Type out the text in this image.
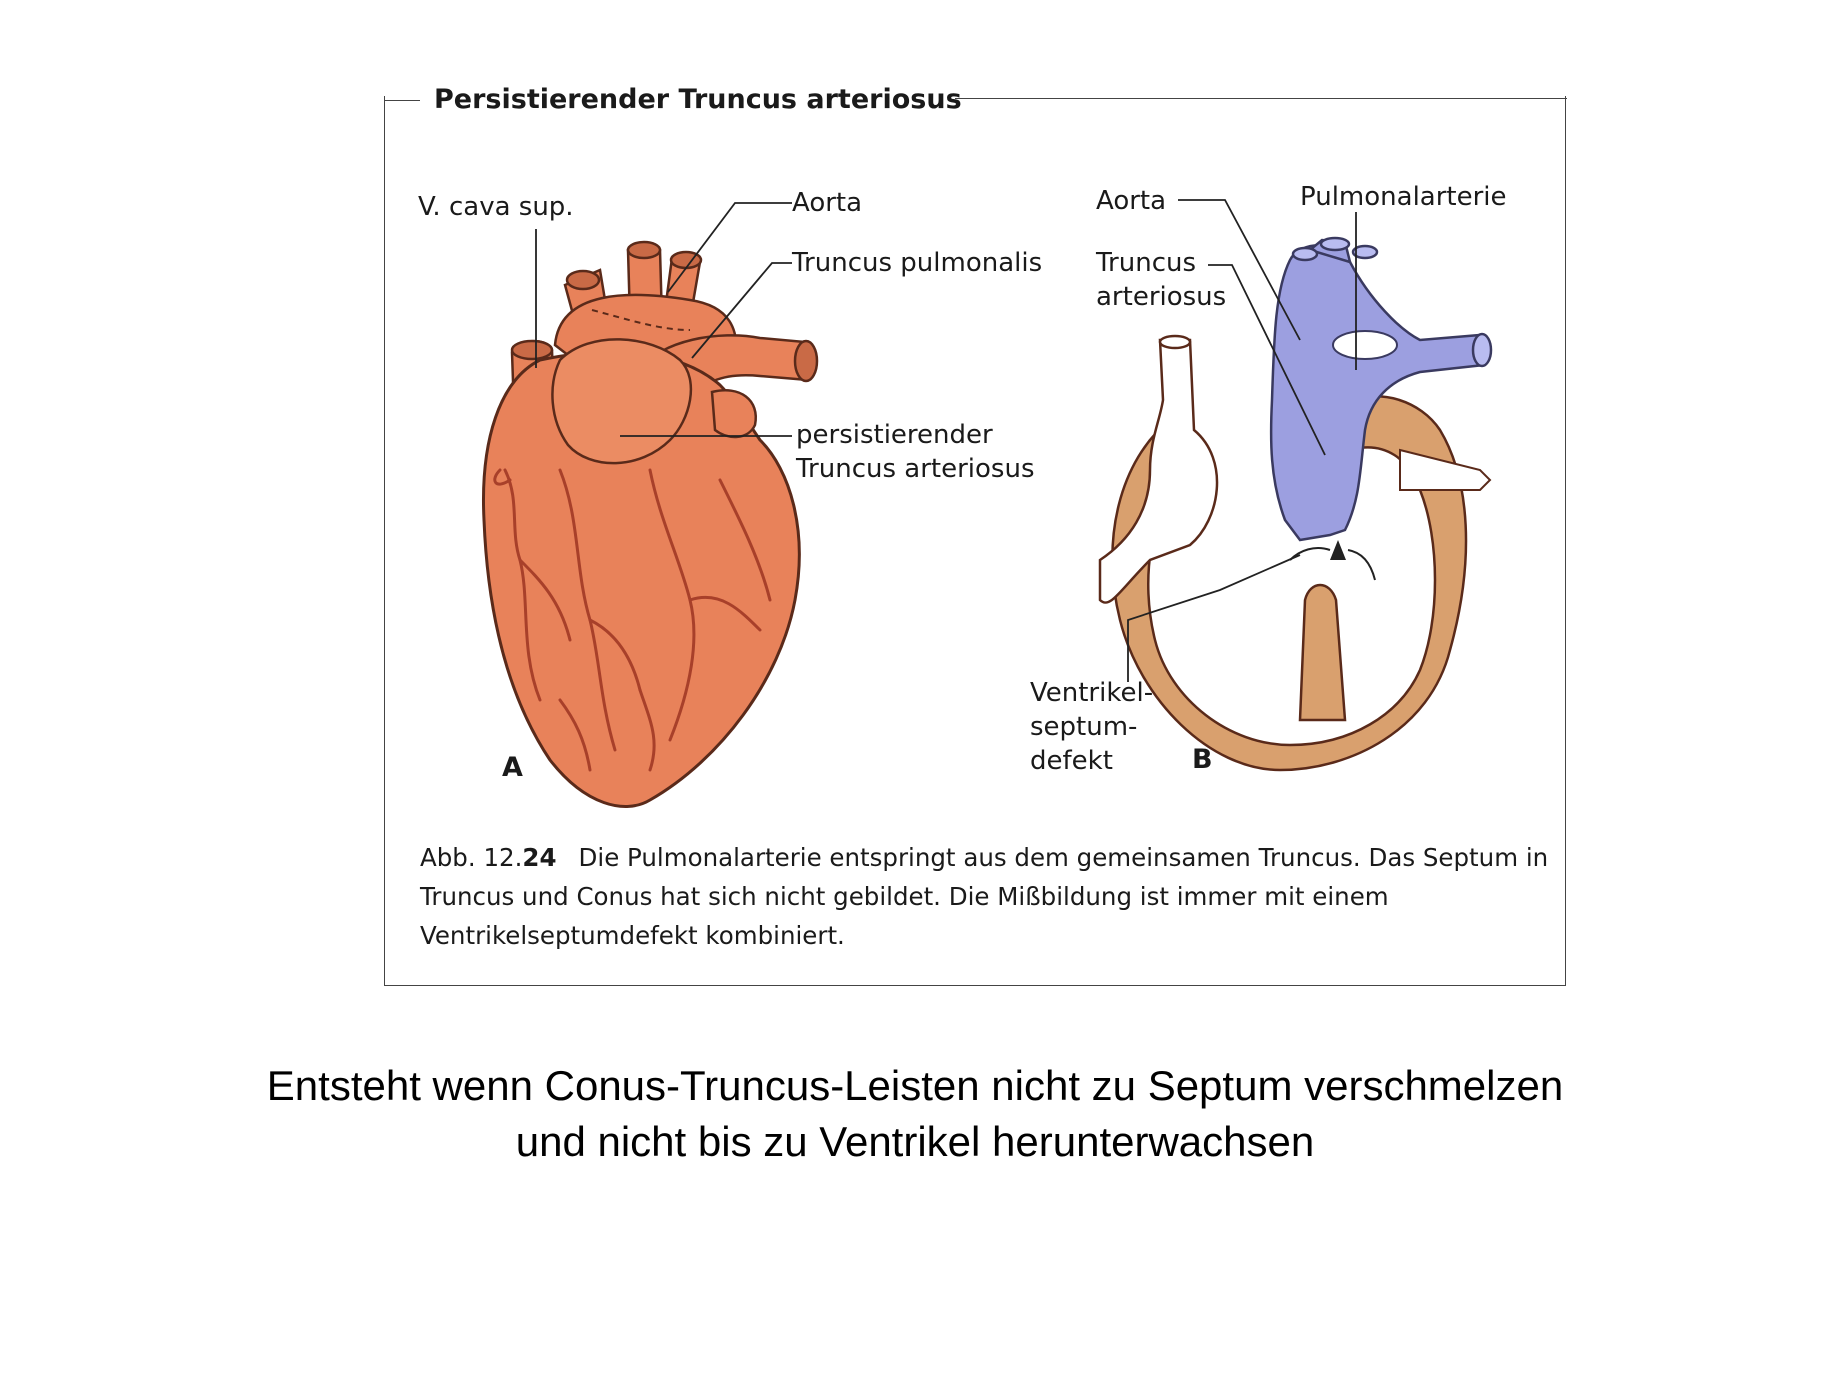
Persistierender Truncus arteriosus
V. cava sup.	Aorta
Truncus pulmonalis
persistierender
Truncus arteriosus
A
Aorta	Pulmonalarterie
Truncus
arteriosus
Ventrikel-
septum-
defekt	B
Abb. 12.24 Die Pulmonalarterie entspringt aus dem gemeinsamen Truncus. Das Septum in Truncus und Conus hat sich nicht gebildet. Die Mißbildung ist immer mit einem Ventrikelseptumdefekt kombiniert.
Entsteht wenn Conus-Truncus-Leisten nicht zu Septum verschmelzen
und nicht bis zu Ventrikel herunterwachsen
